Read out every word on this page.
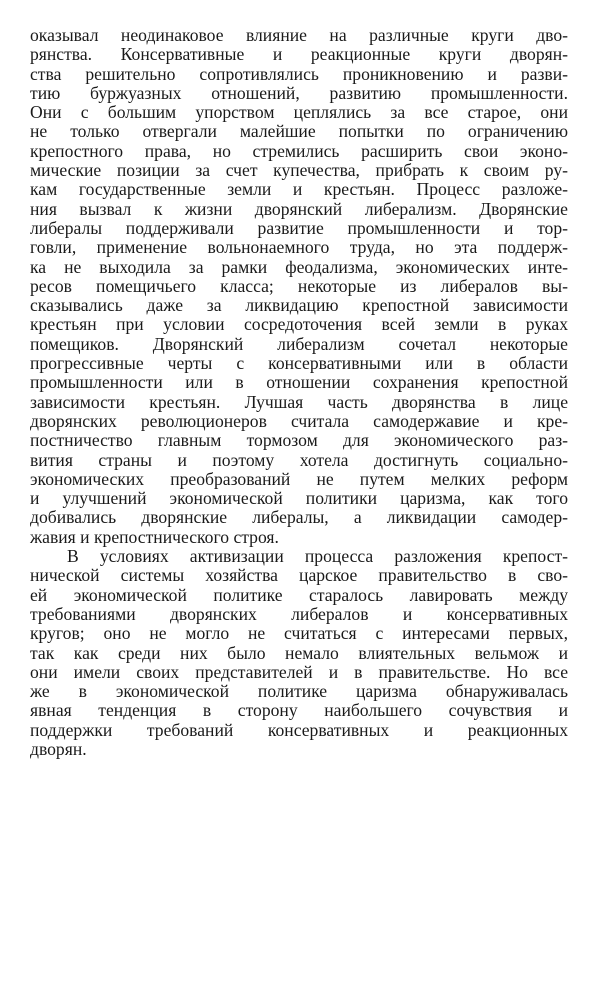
оказывал неодинаковое влияние на различные круги дво-
рянства. Консервативные и реакционные круги дворян-
ства решительно сопротивлялись проникновению и разви-
тию буржуазных отношений, развитию промышленности.
Они с большим упорством цеплялись за все старое, они
не только отвергали малейшие попытки по ограничению
крепостного права, но стремились расширить свои эконо-
мические позиции за счет купечества, прибрать к своим ру-
кам государственные земли и крестьян. Процесс разложе-
ния вызвал к жизни дворянский либерализм. Дворянские
либералы поддерживали развитие промышленности и тор-
говли, применение вольнонаемного труда, но эта поддерж-
ка не выходила за рамки феодализма, экономических инте-
ресов помещичьего класса; некоторые из либералов вы-
сказывались даже за ликвидацию крепостной зависимости
крестьян при условии сосредоточения всей земли в руках
помещиков. Дворянский либерализм сочетал некоторые
прогрессивные черты с консервативными или в области
промышленности или в отношении сохранения крепостной
зависимости крестьян. Лучшая часть дворянства в лице
дворянских революционеров считала самодержавие и кре-
постничество главным тормозом для экономического раз-
вития страны и поэтому хотела достигнуть социально-
экономических преобразований не путем мелких реформ
и улучшений экономической политики царизма, как того
добивались дворянские либералы, а ликвидации самодер-
жавия и крепостнического строя.
В условиях активизации процесса разложения крепост-
нической системы хозяйства царское правительство в сво-
ей экономической политике старалось лавировать между
требованиями дворянских либералов и консервативных
кругов; оно не могло не считаться с интересами первых,
так как среди них было немало влиятельных вельмож и
они имели своих представителей и в правительстве. Но все
же в экономической политике царизма обнаруживалась
явная тенденция в сторону наибольшего сочувствия и
поддержки требований консервативных и реакционных
дворян.
